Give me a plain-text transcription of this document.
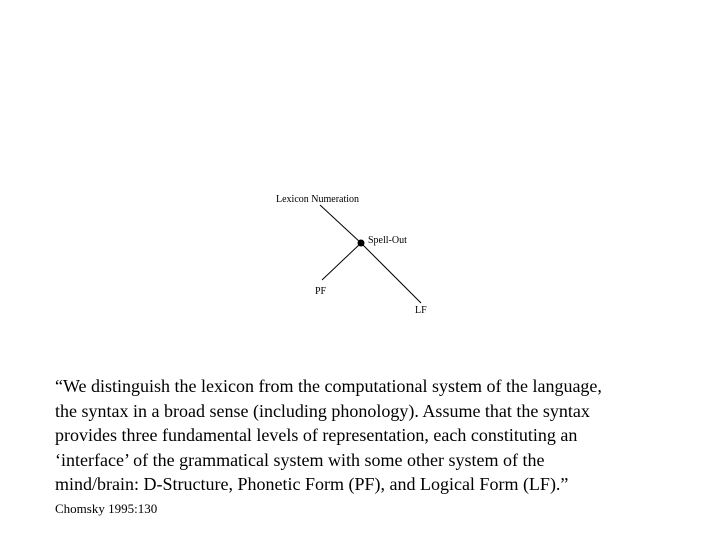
Lexicon Numeration
Spell-Out
PF
LF
“We distinguish the lexicon from the computational system of the language,
the syntax in a broad sense (including phonology). Assume that the syntax
provides three fundamental levels of representation, each constituting an
‘interface’ of the grammatical system with some other system of the
mind/brain: D-Structure, Phonetic Form (PF), and Logical Form (LF).”
Chomsky 1995:130
